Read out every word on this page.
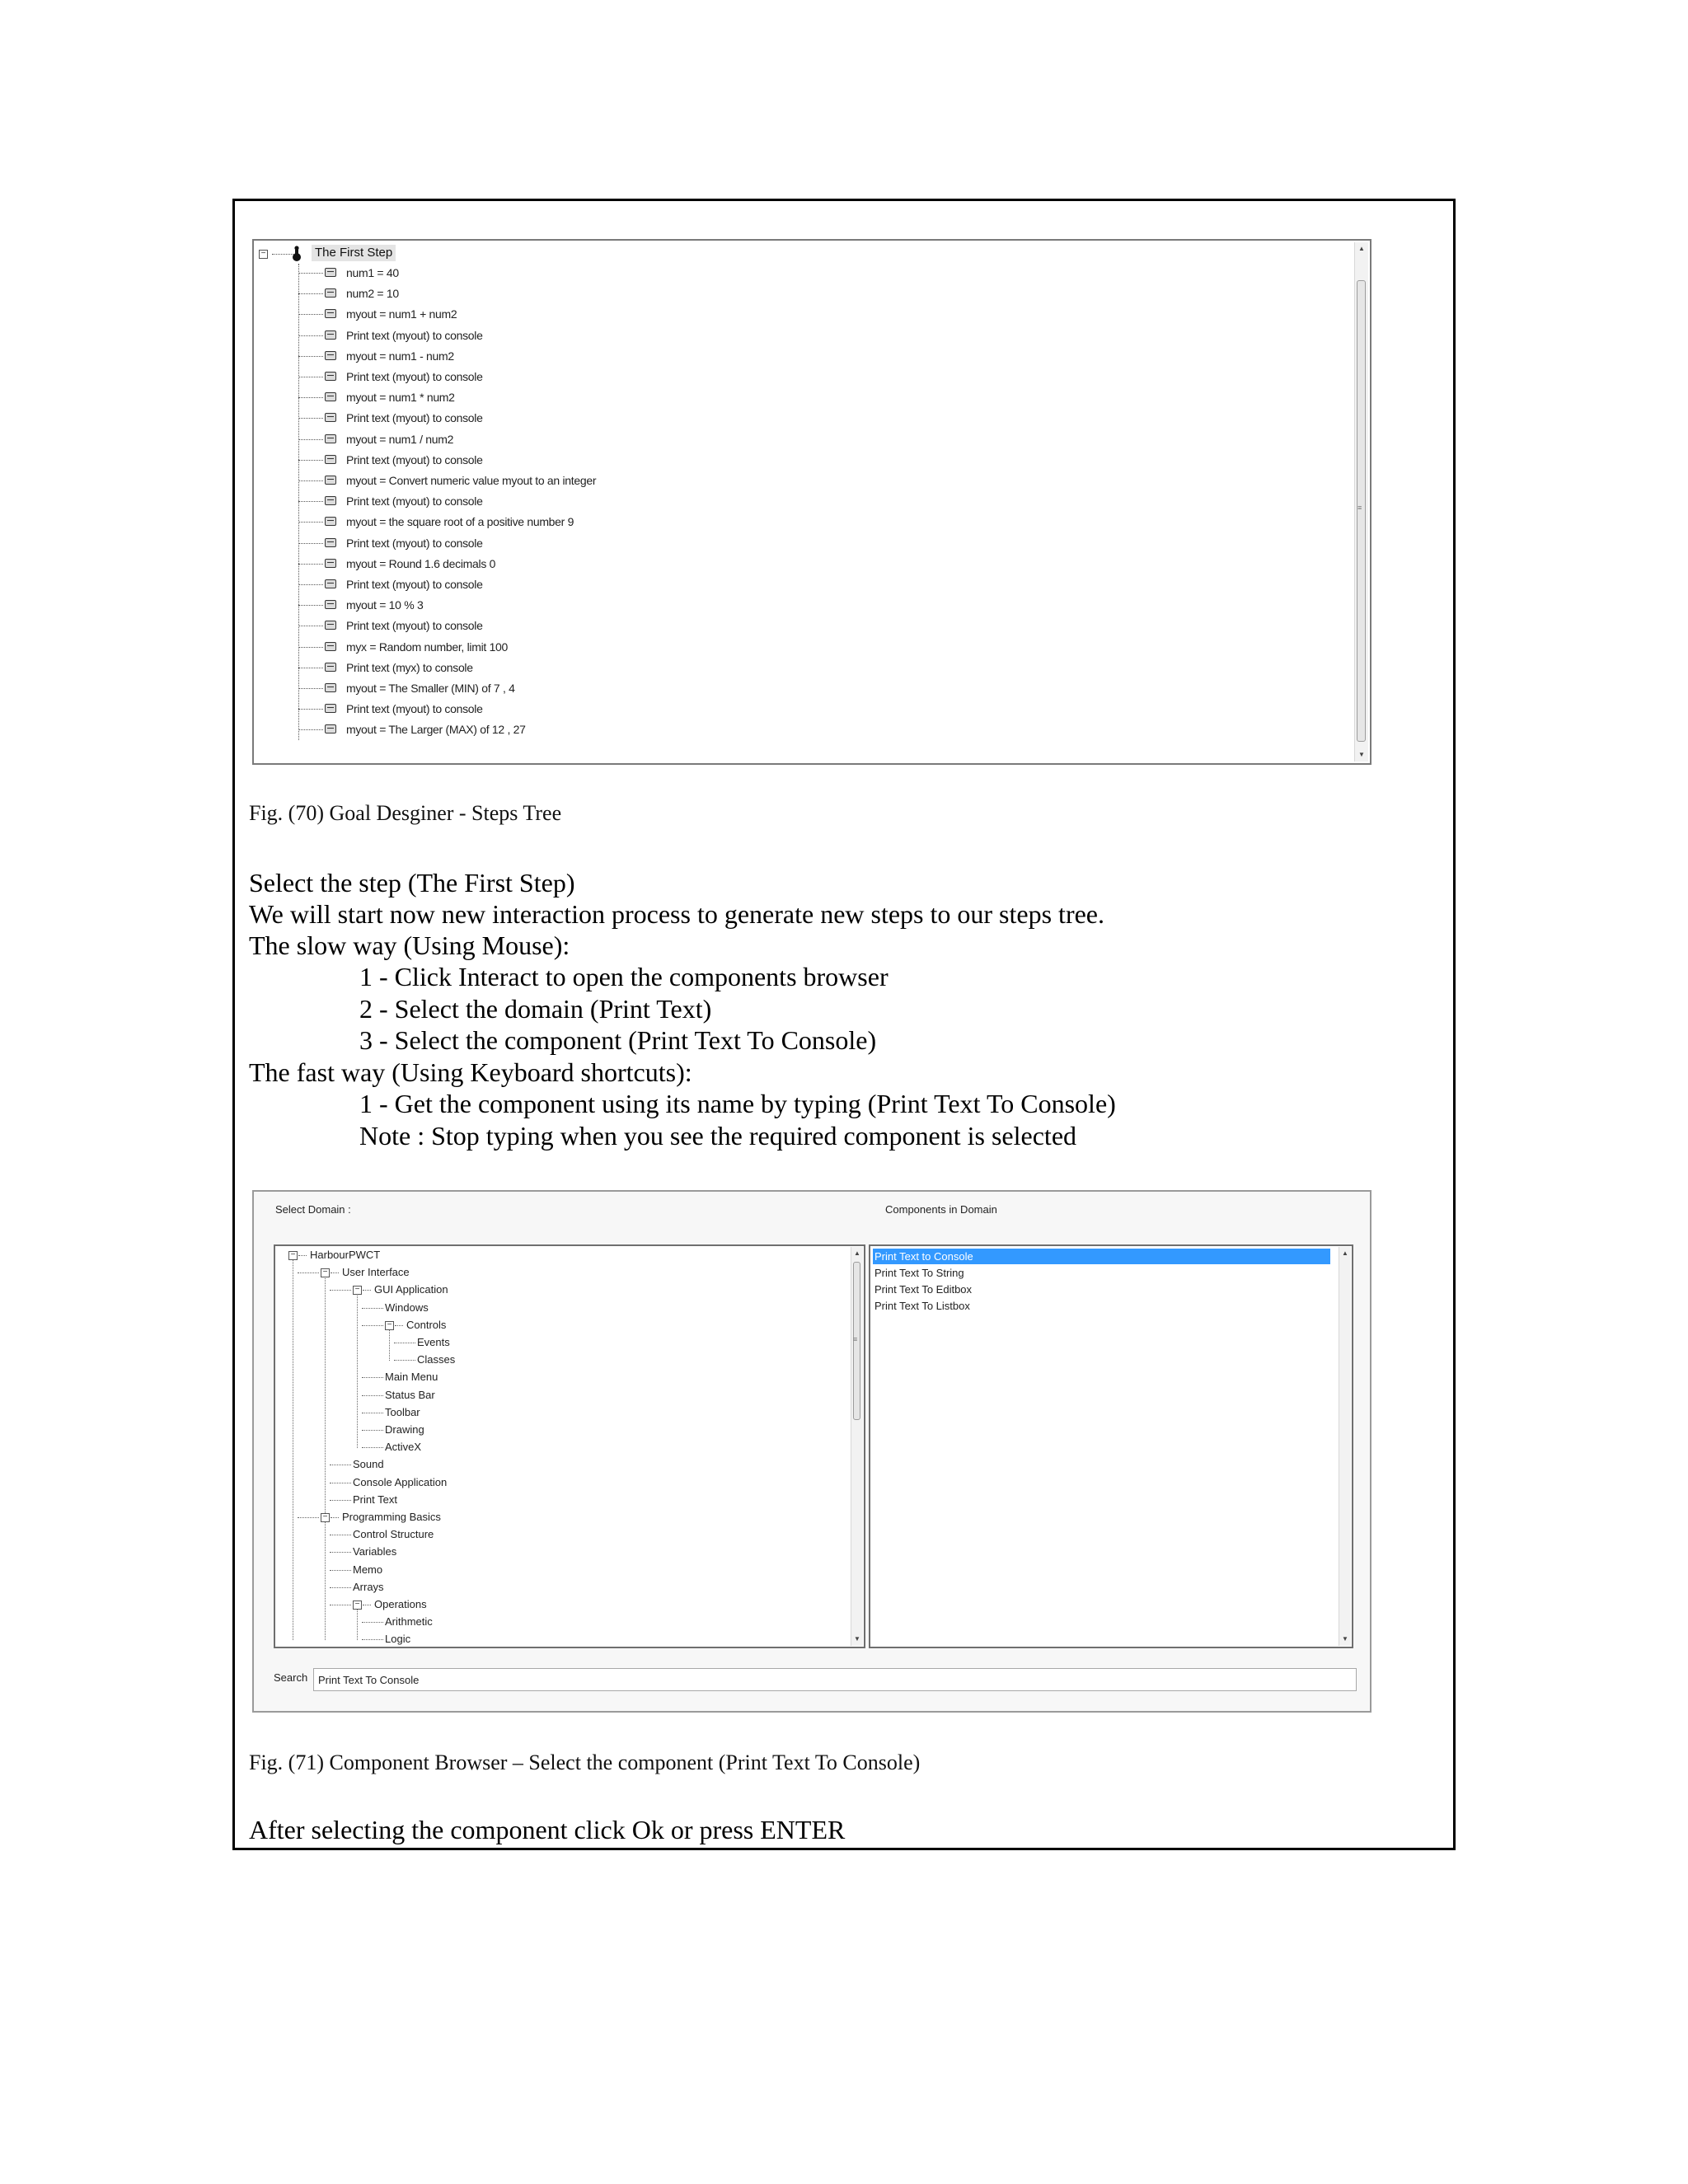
−	The First Step
num1 = 40
num2 = 10
myout = num1 + num2
Print text (myout) to console
myout = num1 - num2
Print text (myout) to console
myout = num1 * num2
Print text (myout) to console
myout = num1 / num2
Print text (myout) to console
myout = Convert numeric value myout to an integer
Print text (myout) to console
myout = the square root of a positive number 9
Print text (myout) to console
myout = Round 1.6 decimals 0
Print text (myout) to console
myout = 10 % 3
Print text (myout) to console
myx = Random number, limit 100
Print text (myx) to console
myout = The Smaller (MIN) of 7 , 4
Print text (myout) to console
myout = The Larger (MAX) of 12 , 27
▲
≡
▼
Fig. (70) Goal Desginer - Steps Tree
Select the step (The First Step)
We will start now new interaction process to generate new steps to our steps tree.
The slow way (Using Mouse):
1 - Click Interact to open the components browser
2 - Select the domain (Print Text)
3 - Select the component (Print Text To Console)
The fast way (Using Keyboard shortcuts):
1 - Get the component using its name by typing (Print Text To Console)
Note : Stop typing when you see the required component is selected
Select Domain :	Components in Domain
− HarbourPWCT
− User Interface
− GUI Application
Windows
− Controls
Events
Classes
Main Menu
Status Bar
Toolbar
Drawing
ActiveX
Sound
Console Application
Print Text
− Programming Basics
Control Structure
Variables
Memo
Arrays
− Operations
Arithmetic
Logic
▲
≡
▼
Print Text to Console
Print Text To String
Print Text To Editbox
Print Text To Listbox
▲
▼
Search
Print Text To Console
Fig. (71) Component Browser – Select the component (Print Text To Console)
After selecting the component click Ok or press ENTER
